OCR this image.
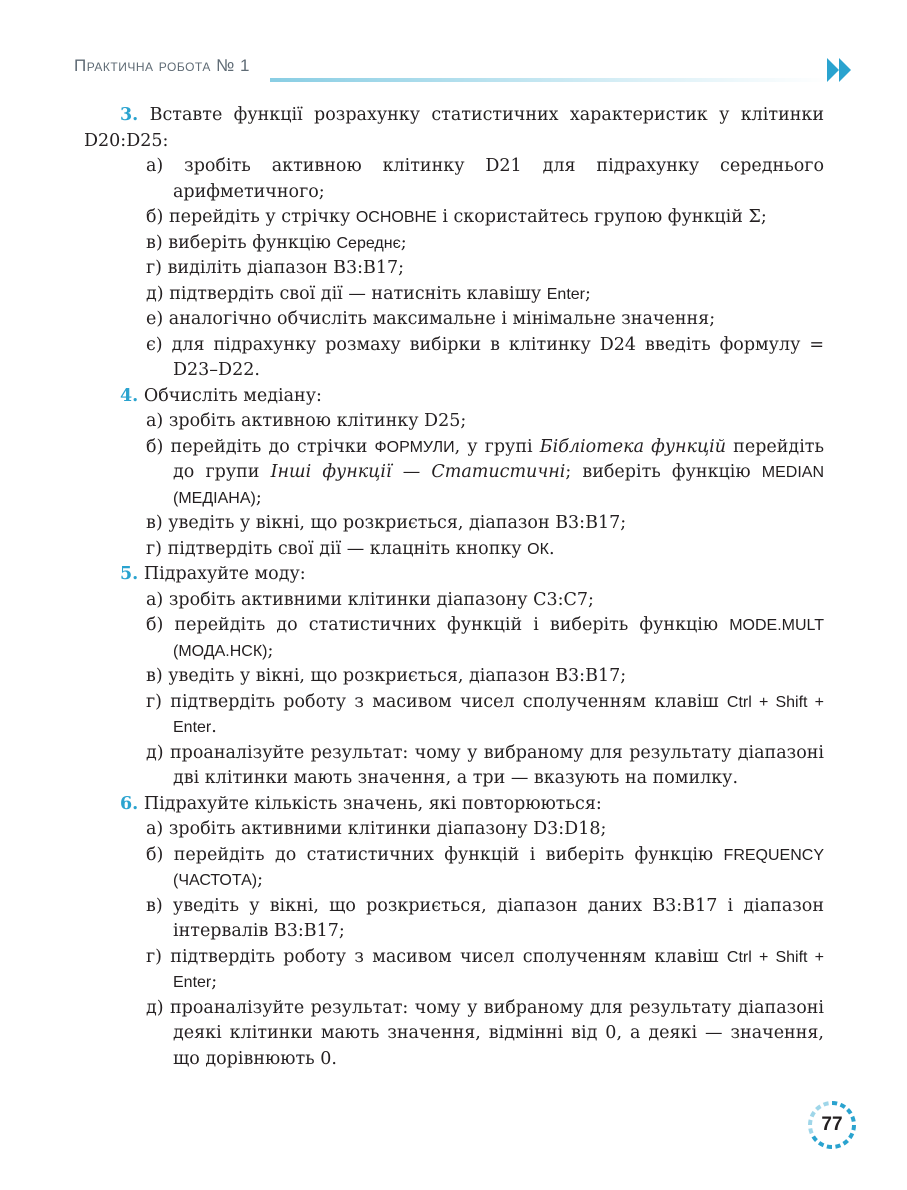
Практична робота № 1
3. Вставте функції розрахунку статистичних характеристик у клітинки D20:D25:
а) зробіть активною клітинку D21 для підрахунку середнього арифметичного;
б) перейдіть у стрічку ОСНОВНЕ і скористайтесь групою функцій Σ;
в) виберіть функцію Середнє;
г) виділіть діапазон B3:B17;
д) підтвердіть свої дії — натисніть клавішу Enter;
е) аналогічно обчисліть максимальне і мінімальне значення;
є) для підрахунку розмаху вибірки в клітинку D24 введіть формулу = D23–D22.
4. Обчисліть медіану:
а) зробіть активною клітинку D25;
б) перейдіть до стрічки ФОРМУЛИ, у групі Бібліотека функцій перейдіть до групи Інші функції — Статистичні; виберіть функцію MEDIAN (МЕДІАНА);
в) уведіть у вікні, що розкриється, діапазон B3:B17;
г) підтвердіть свої дії — клацніть кнопку ОК.
5. Підрахуйте моду:
а) зробіть активними клітинки діапазону C3:C7;
б) перейдіть до статистичних функцій і виберіть функцію MODE.MULT (МОДА.НСК);
в) уведіть у вікні, що розкриється, діапазон B3:B17;
г) підтвердіть роботу з масивом чисел сполученням клавіш Ctrl + Shift + Enter.
д) проаналізуйте результат: чому у вибраному для результату діапазоні дві клітинки мають значення, а три — вказують на помилку.
6. Підрахуйте кількість значень, які повторюються:
а) зробіть активними клітинки діапазону D3:D18;
б) перейдіть до статистичних функцій і виберіть функцію FREQUENCY (ЧАСТОТА);
в) уведіть у вікні, що розкриється, діапазон даних B3:B17 і діапазон інтервалів B3:B17;
г) підтвердіть роботу з масивом чисел сполученням клавіш Ctrl + Shift + Enter;
д) проаналізуйте результат: чому у вибраному для результату діапазоні деякі клітинки мають значення, відмінні від 0, а деякі — значення, що дорівнюють 0.
77
